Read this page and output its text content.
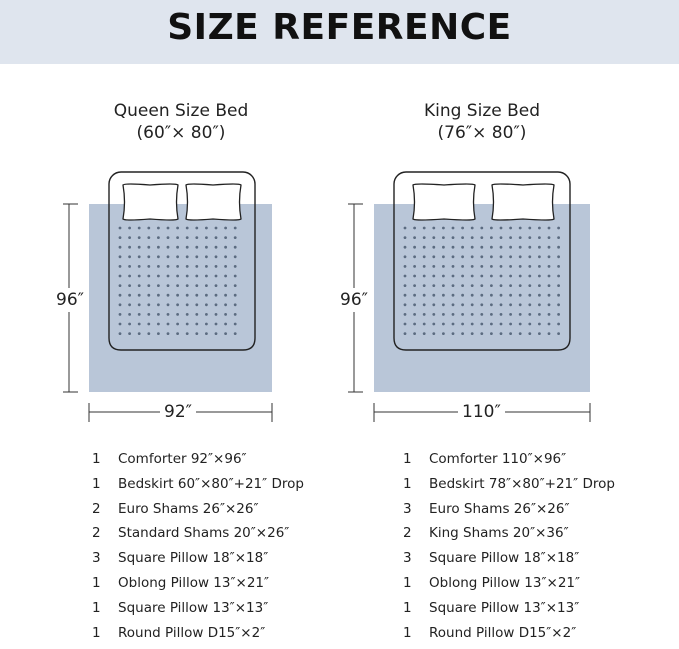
SIZE REFERENCE
Queen Size Bed
(60″× 80″)
King Size Bed
(76″× 80″)
96″
92″
96″
110″
1 Comforter 92″×96″
1 Bedskirt 60″×80″+21″ Drop
2 Euro Shams 26″×26″
2 Standard Shams 20″×26″
3 Square Pillow 18″×18″
1 Oblong Pillow 13″×21″
1 Square Pillow 13″×13″
1 Round Pillow D15″×2″
1 Comforter 110″×96″
1 Bedskirt 78″×80″+21″ Drop
3 Euro Shams 26″×26″
2 King Shams 20″×36″
3 Square Pillow 18″×18″
1 Oblong Pillow 13″×21″
1 Square Pillow 13″×13″
1 Round Pillow D15″×2″
